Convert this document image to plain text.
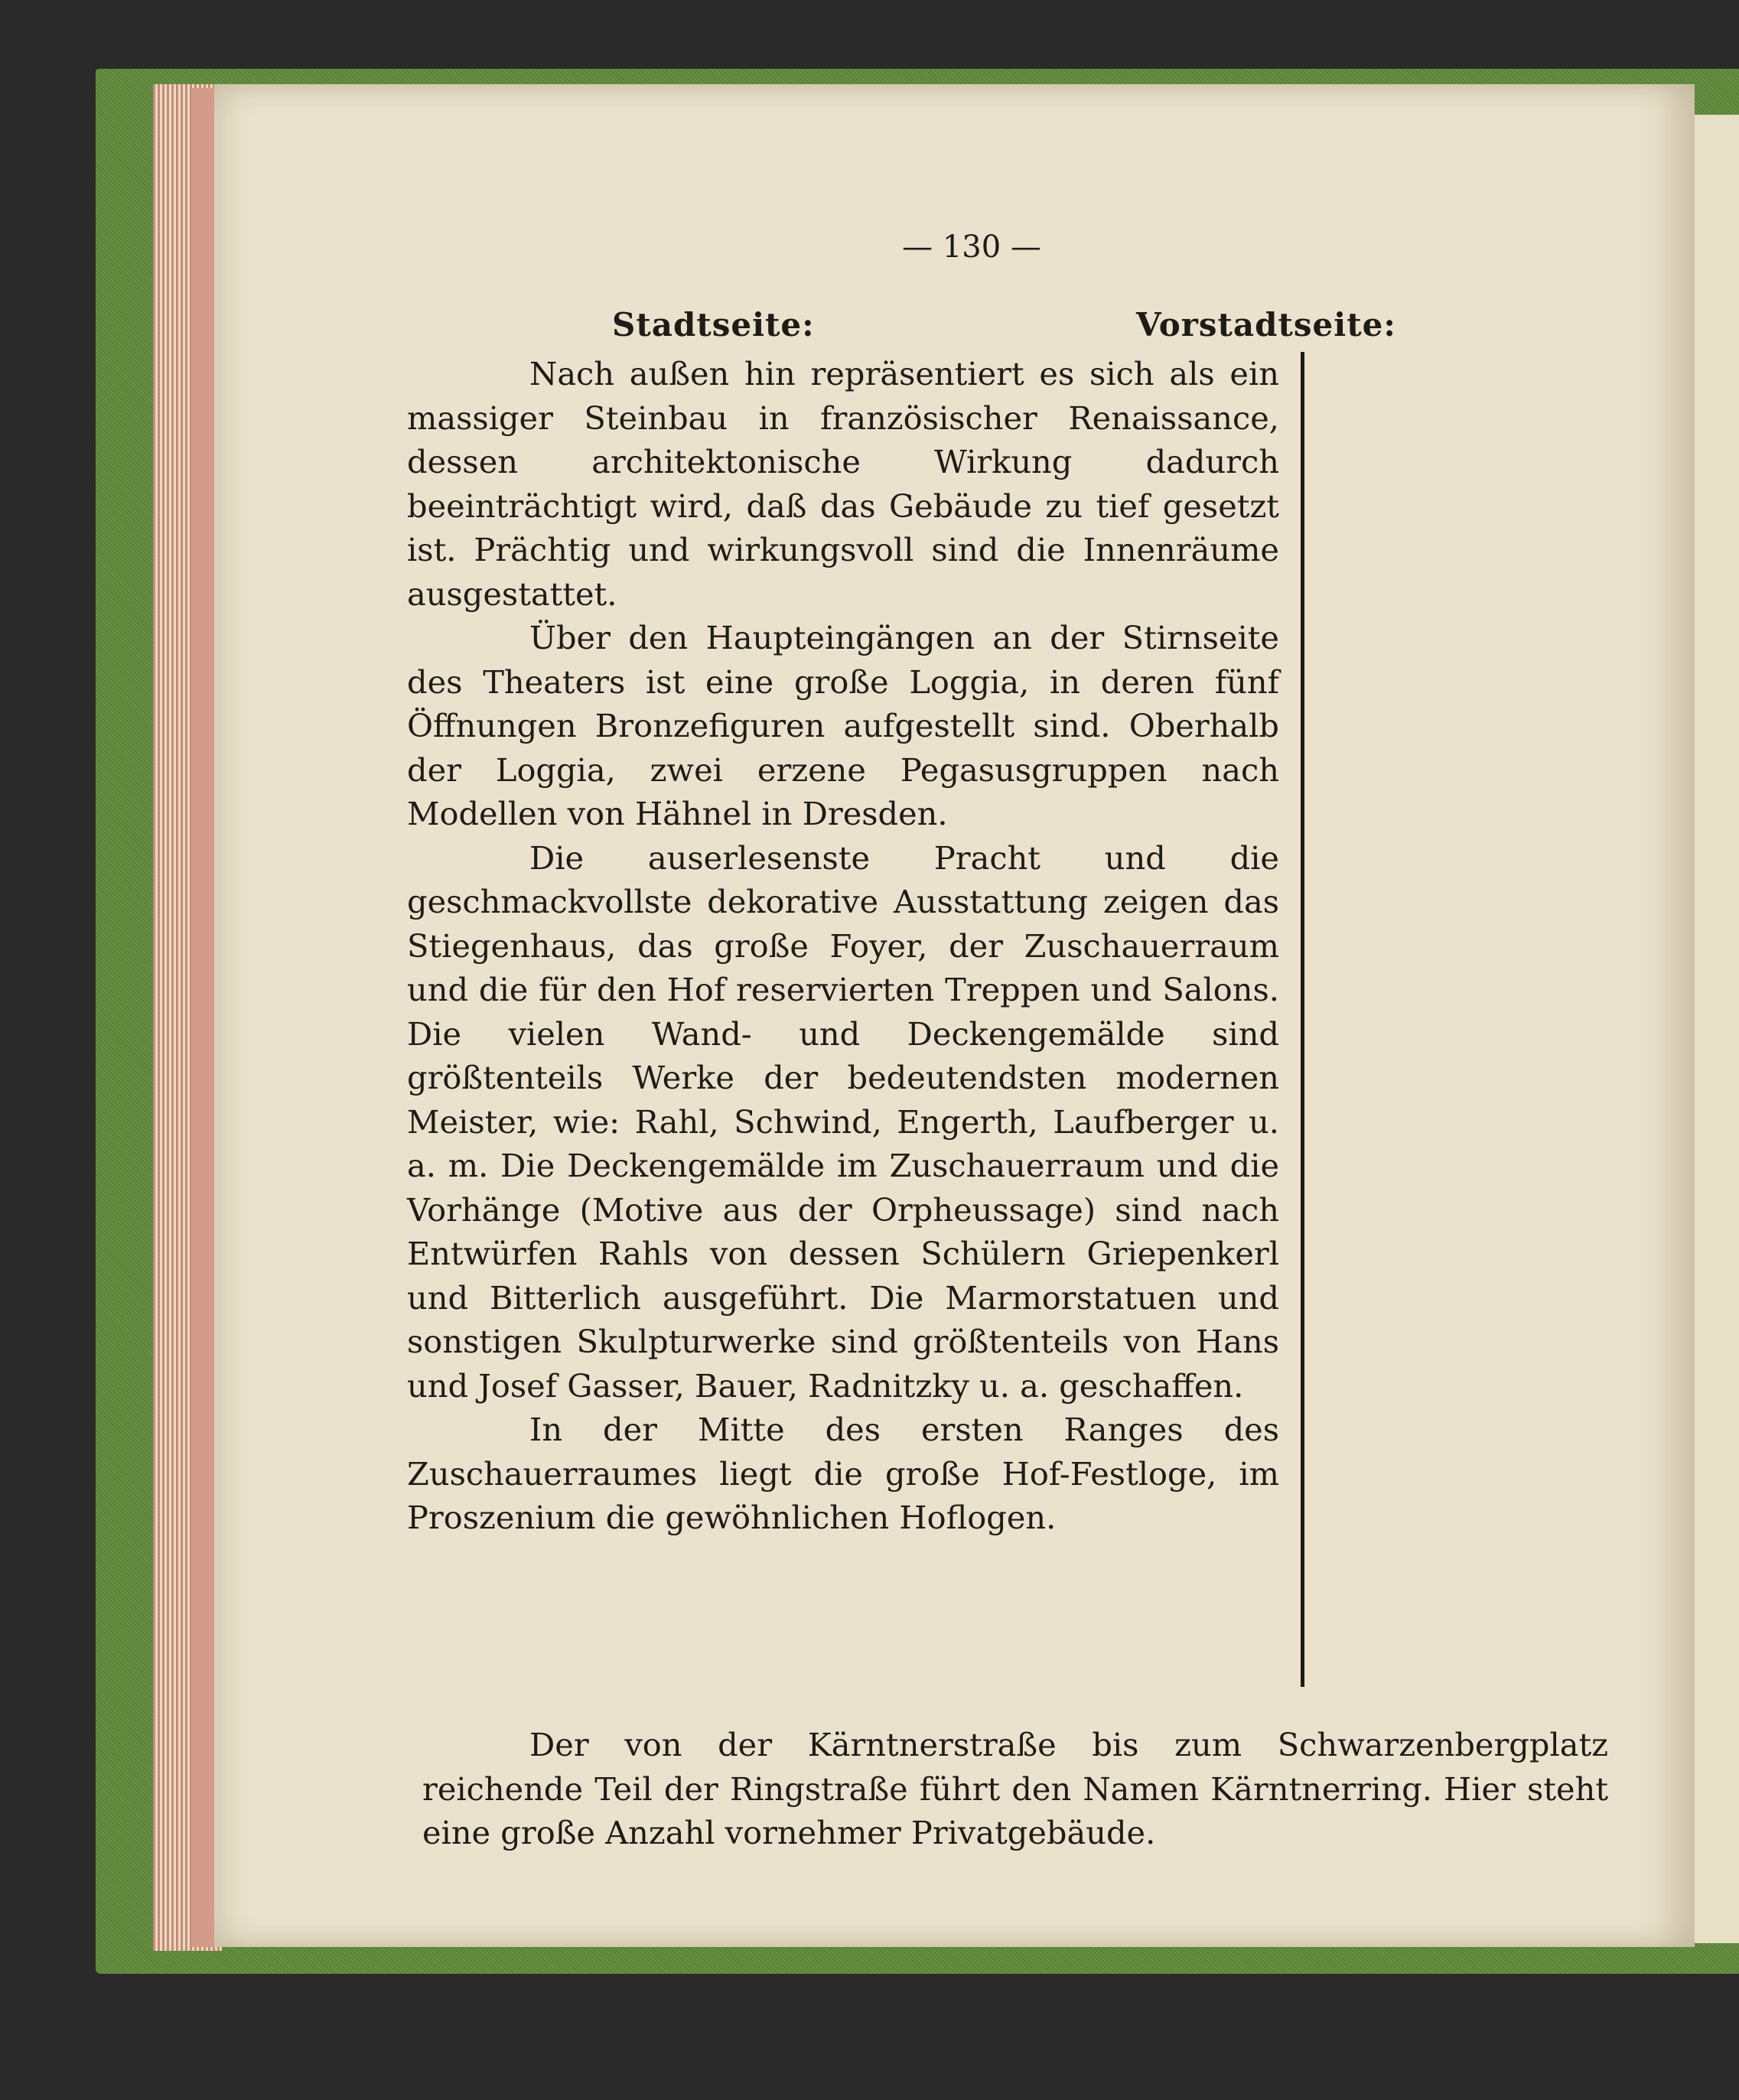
— 130 —
Stadtseite:	Vorstadtseite:

Nach außen hin repräsentiert es sich als ein massiger Steinbau in französischer Renaissance, dessen architektonische Wirkung dadurch beeinträchtigt wird, daß das Gebäude zu tief gesetzt ist. Prächtig und wirkungsvoll sind die Innenräume ausgestattet.

Über den Haupteingängen an der Stirnseite des Theaters ist eine große Loggia, in deren fünf Öffnungen Bronzefiguren aufgestellt sind. Oberhalb der Loggia, zwei erzene Pegasusgruppen nach Modellen von Hähnel in Dresden.

Die auserlesenste Pracht und die geschmackvollste dekorative Ausstattung zeigen das Stiegenhaus, das große Foyer, der Zuschauerraum und die für den Hof reservierten Treppen und Salons. Die vielen Wand- und Deckengemälde sind größtenteils Werke der bedeutendsten modernen Meister, wie: Rahl, Schwind, Engerth, Laufberger u. a. m. Die Deckengemälde im Zuschauerraum und die Vorhänge (Motive aus der Orpheussage) sind nach Entwürfen Rahls von dessen Schülern Griepenkerl und Bitterlich ausgeführt. Die Marmorstatuen und sonstigen Skulpturwerke sind größtenteils von Hans und Josef Gasser, Bauer, Radnitzky u. a. geschaffen.

In der Mitte des ersten Ranges des Zuschauerraumes liegt die große Hof-Festloge, im Proszenium die gewöhnlichen Hoflogen.

Der von der Kärntnerstraße bis zum Schwarzenbergplatz reichende Teil der Ringstraße führt den Namen Kärntnerring. Hier steht eine große Anzahl vornehmer Privatgebäude.
